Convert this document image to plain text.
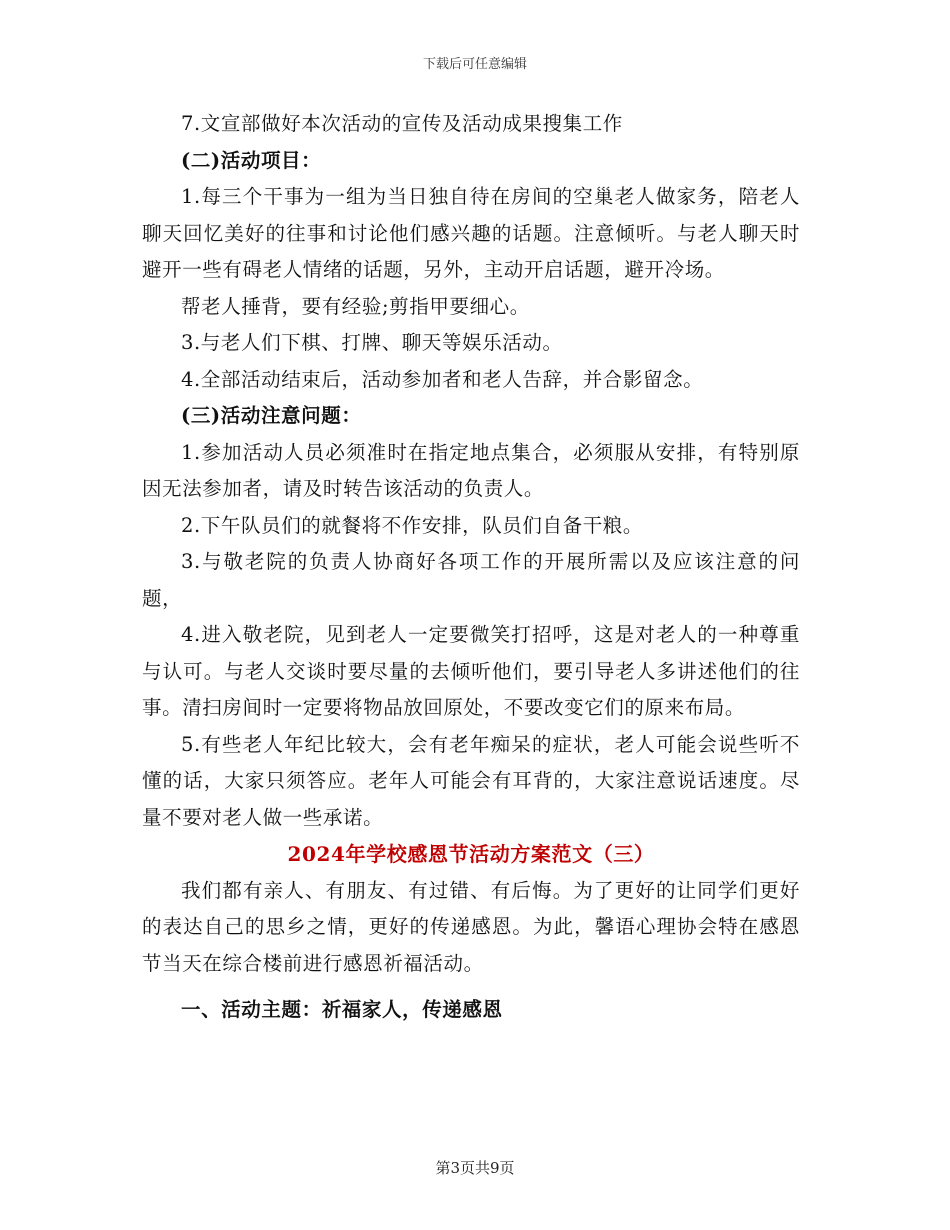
下载后可任意编辑

7.文宣部做好本次活动的宣传及活动成果搜集工作

(二)活动项目：

1.每三个干事为一组为当日独自待在房间的空巢老人做家务，陪老人聊天回忆美好的往事和讨论他们感兴趣的话题。注意倾听。与老人聊天时避开一些有碍老人情绪的话题，另外，主动开启话题，避开冷场。

帮老人捶背，要有经验;剪指甲要细心。

3.与老人们下棋、打牌、聊天等娱乐活动。

4.全部活动结束后，活动参加者和老人告辞，并合影留念。

(三)活动注意问题：

1.参加活动人员必须准时在指定地点集合，必须服从安排，有特别原因无法参加者，请及时转告该活动的负责人。

2.下午队员们的就餐将不作安排，队员们自备干粮。

3.与敬老院的负责人协商好各项工作的开展所需以及应该注意的问题，

4.进入敬老院，见到老人一定要微笑打招呼，这是对老人的一种尊重与认可。与老人交谈时要尽量的去倾听他们，要引导老人多讲述他们的往事。清扫房间时一定要将物品放回原处，不要改变它们的原来布局。

5.有些老人年纪比较大，会有老年痴呆的症状，老人可能会说些听不懂的话，大家只须答应。老年人可能会有耳背的，大家注意说话速度。尽量不要对老人做一些承诺。

2024年学校感恩节活动方案范文（三）

我们都有亲人、有朋友、有过错、有后悔。为了更好的让同学们更好的表达自己的思乡之情，更好的传递感恩。为此，馨语心理协会特在感恩节当天在综合楼前进行感恩祈福活动。

一、活动主题：祈福家人，传递感恩

第3页共9页
